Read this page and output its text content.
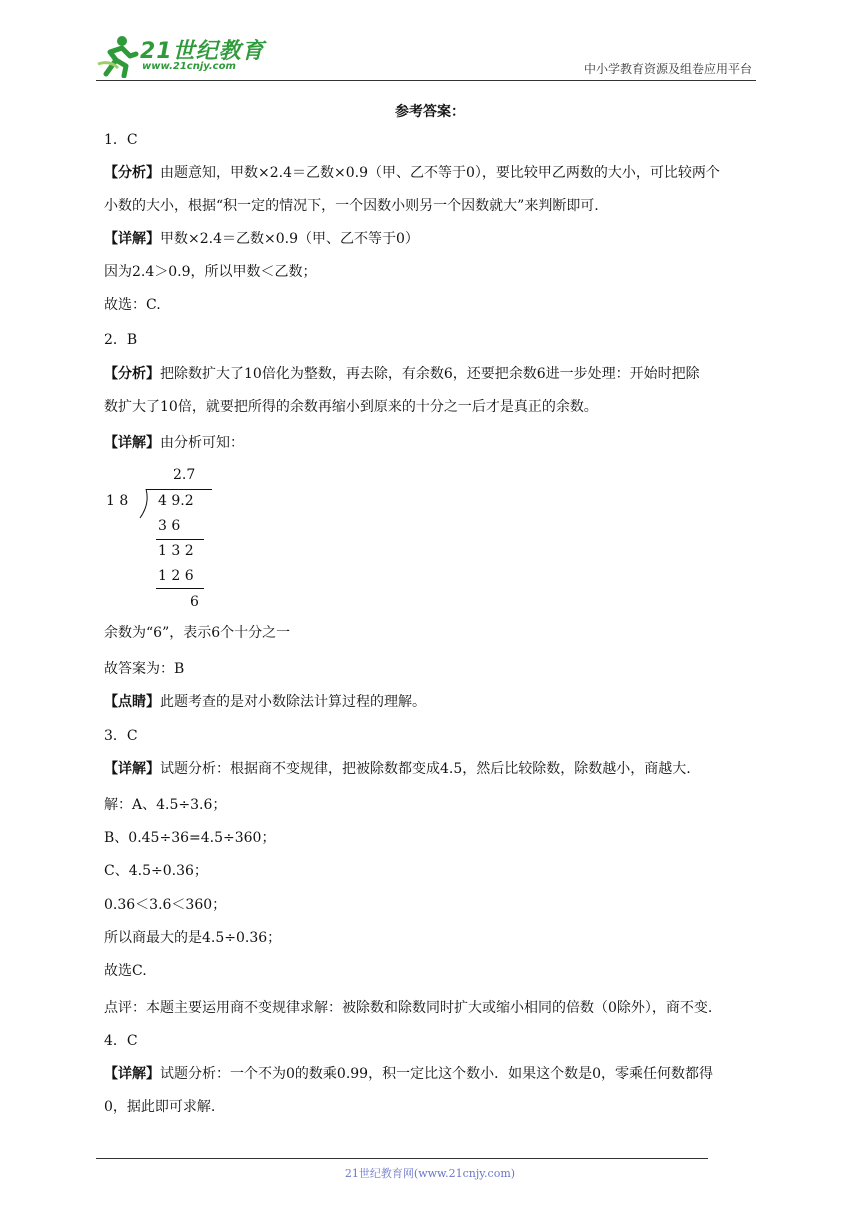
21世纪教育
www.21cnjy.com	中小学教育资源及组卷应用平台
参考答案：
1．C
【分析】由题意知，甲数×2.4＝乙数×0.9（甲、乙不等于0），要比较甲乙两数的大小，可比较两个
小数的大小，根据“积一定的情况下，一个因数小则另一个因数就大”来判断即可.
【详解】甲数×2.4＝乙数×0.9（甲、乙不等于0）
因为2.4＞0.9，所以甲数＜乙数；
故选：C.
2．B
【分析】把除数扩大了10倍化为整数，再去除，有余数6，还要把余数6进一步处理：开始时把除
数扩大了10倍，就要把所得的余数再缩小到原来的十分之一后才是真正的余数。
【详解】由分析可知：
余数为“6”，表示6个十分之一
故答案为：B
【点睛】此题考查的是对小数除法计算过程的理解。
3．C
【详解】试题分析：根据商不变规律，把被除数都变成4.5，然后比较除数，除数越小，商越大.
解：A、4.5÷3.6；
B、0.45÷36=4.5÷360；
C、4.5÷0.36；
0.36＜3.6＜360；
所以商最大的是4.5÷0.36；
故选C.
点评：本题主要运用商不变规律求解：被除数和除数同时扩大或缩小相同的倍数（0除外），商不变.
4．C
【详解】试题分析：一个不为0的数乘0.99，积一定比这个数小．如果这个数是0，零乘任何数都得
0，据此即可求解.
2.7
1 8 4 9.2
3 6
1 3 2
1 2 6
6
21世纪教育网(www.21cnjy.com)
